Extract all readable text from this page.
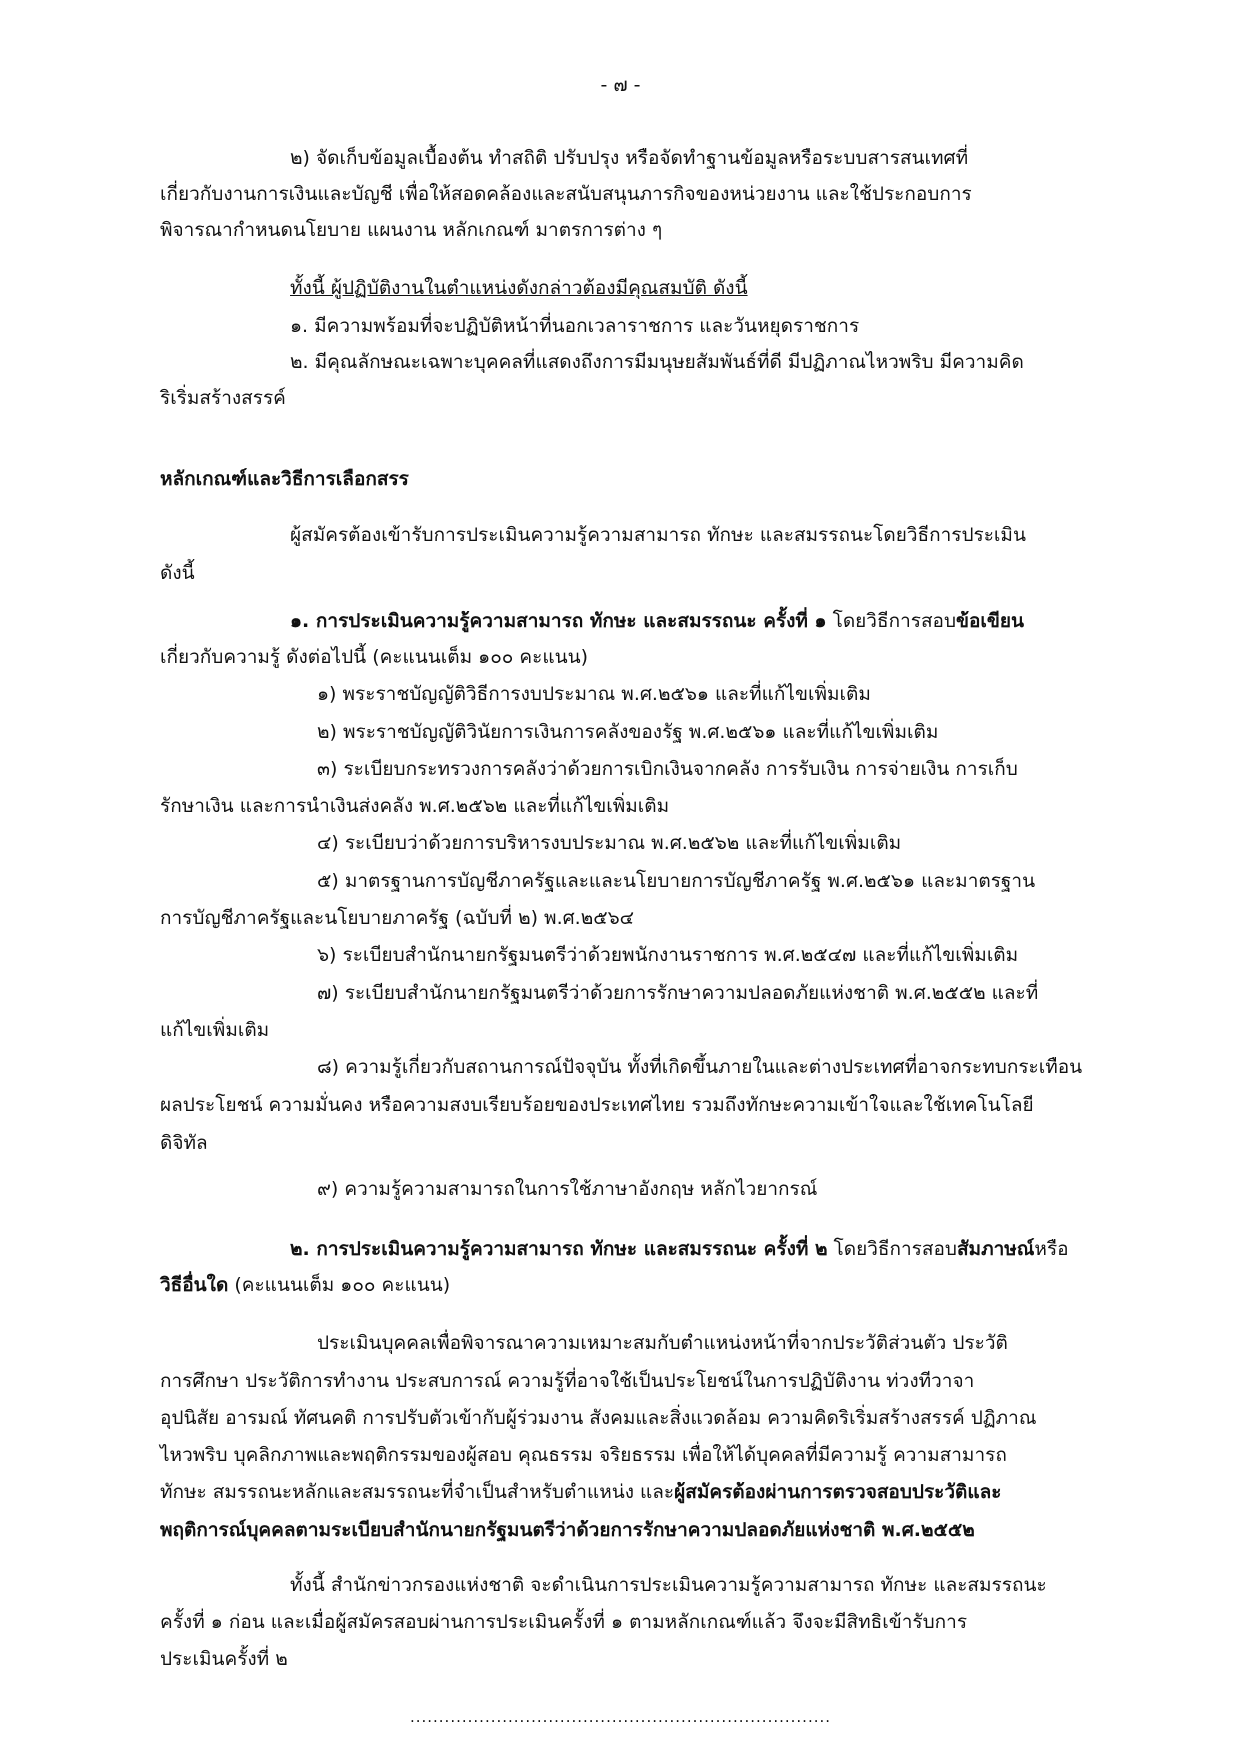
- ๗ -
๒) จัดเก็บข้อมูลเบื้องต้น ทำสถิติ ปรับปรุง หรือจัดทำฐานข้อมูลหรือระบบสารสนเทศที่
เกี่ยวกับงานการเงินและบัญชี เพื่อให้สอดคล้องและสนับสนุนภารกิจของหน่วยงาน และใช้ประกอบการ
พิจารณากำหนดนโยบาย แผนงาน หลักเกณฑ์ มาตรการต่าง ๆ
ทั้งนี้ ผู้ปฏิบัติงานในตำแหน่งดังกล่าวต้องมีคุณสมบัติ ดังนี้
๑. มีความพร้อมที่จะปฏิบัติหน้าที่นอกเวลาราชการ และวันหยุดราชการ
๒. มีคุณลักษณะเฉพาะบุคคลที่แสดงถึงการมีมนุษยสัมพันธ์ที่ดี มีปฏิภาณไหวพริบ มีความคิด
ริเริ่มสร้างสรรค์
หลักเกณฑ์และวิธีการเลือกสรร
ผู้สมัครต้องเข้ารับการประเมินความรู้ความสามารถ ทักษะ และสมรรถนะโดยวิธีการประเมิน
ดังนี้
๑. การประเมินความรู้ความสามารถ ทักษะ และสมรรถนะ ครั้งที่ ๑ โดยวิธีการสอบข้อเขียน
เกี่ยวกับความรู้ ดังต่อไปนี้ (คะแนนเต็ม ๑๐๐ คะแนน)
๑) พระราชบัญญัติวิธีการงบประมาณ พ.ศ.๒๕๖๑ และที่แก้ไขเพิ่มเติม
๒) พระราชบัญญัติวินัยการเงินการคลังของรัฐ พ.ศ.๒๕๖๑ และที่แก้ไขเพิ่มเติม
๓) ระเบียบกระทรวงการคลังว่าด้วยการเบิกเงินจากคลัง การรับเงิน การจ่ายเงิน การเก็บ
รักษาเงิน และการนำเงินส่งคลัง พ.ศ.๒๕๖๒ และที่แก้ไขเพิ่มเติม
๔) ระเบียบว่าด้วยการบริหารงบประมาณ พ.ศ.๒๕๖๒ และที่แก้ไขเพิ่มเติม
๕) มาตรฐานการบัญชีภาครัฐและและนโยบายการบัญชีภาครัฐ พ.ศ.๒๕๖๑ และมาตรฐาน
การบัญชีภาครัฐและนโยบายภาครัฐ (ฉบับที่ ๒) พ.ศ.๒๕๖๔
๖) ระเบียบสำนักนายกรัฐมนตรีว่าด้วยพนักงานราชการ พ.ศ.๒๕๔๗ และที่แก้ไขเพิ่มเติม
๗) ระเบียบสำนักนายกรัฐมนตรีว่าด้วยการรักษาความปลอดภัยแห่งชาติ พ.ศ.๒๕๕๒ และที่
แก้ไขเพิ่มเติม
๘) ความรู้เกี่ยวกับสถานการณ์ปัจจุบัน ทั้งที่เกิดขึ้นภายในและต่างประเทศที่อาจกระทบกระเทือน
ผลประโยชน์ ความมั่นคง หรือความสงบเรียบร้อยของประเทศไทย รวมถึงทักษะความเข้าใจและใช้เทคโนโลยี
ดิจิทัล
๙) ความรู้ความสามารถในการใช้ภาษาอังกฤษ หลักไวยากรณ์
๒. การประเมินความรู้ความสามารถ ทักษะ และสมรรถนะ ครั้งที่ ๒ โดยวิธีการสอบสัมภาษณ์หรือ
วิธีอื่นใด (คะแนนเต็ม ๑๐๐ คะแนน)
ประเมินบุคคลเพื่อพิจารณาความเหมาะสมกับตำแหน่งหน้าที่จากประวัติส่วนตัว ประวัติ
การศึกษา ประวัติการทำงาน ประสบการณ์ ความรู้ที่อาจใช้เป็นประโยชน์ในการปฏิบัติงาน ท่วงทีวาจา
อุปนิสัย อารมณ์ ทัศนคติ การปรับตัวเข้ากับผู้ร่วมงาน สังคมและสิ่งแวดล้อม ความคิดริเริ่มสร้างสรรค์ ปฏิภาณ
ไหวพริบ บุคลิกภาพและพฤติกรรมของผู้สอบ คุณธรรม จริยธรรม เพื่อให้ได้บุคคลที่มีความรู้ ความสามารถ
ทักษะ สมรรถนะหลักและสมรรถนะที่จำเป็นสำหรับตำแหน่ง และผู้สมัครต้องผ่านการตรวจสอบประวัติและ
พฤติการณ์บุคคลตามระเบียบสำนักนายกรัฐมนตรีว่าด้วยการรักษาความปลอดภัยแห่งชาติ พ.ศ.๒๕๕๒
ทั้งนี้ สำนักข่าวกรองแห่งชาติ จะดำเนินการประเมินความรู้ความสามารถ ทักษะ และสมรรถนะ
ครั้งที่ ๑ ก่อน และเมื่อผู้สมัครสอบผ่านการประเมินครั้งที่ ๑ ตามหลักเกณฑ์แล้ว จึงจะมีสิทธิเข้ารับการ
ประเมินครั้งที่ ๒
.........................................................................
